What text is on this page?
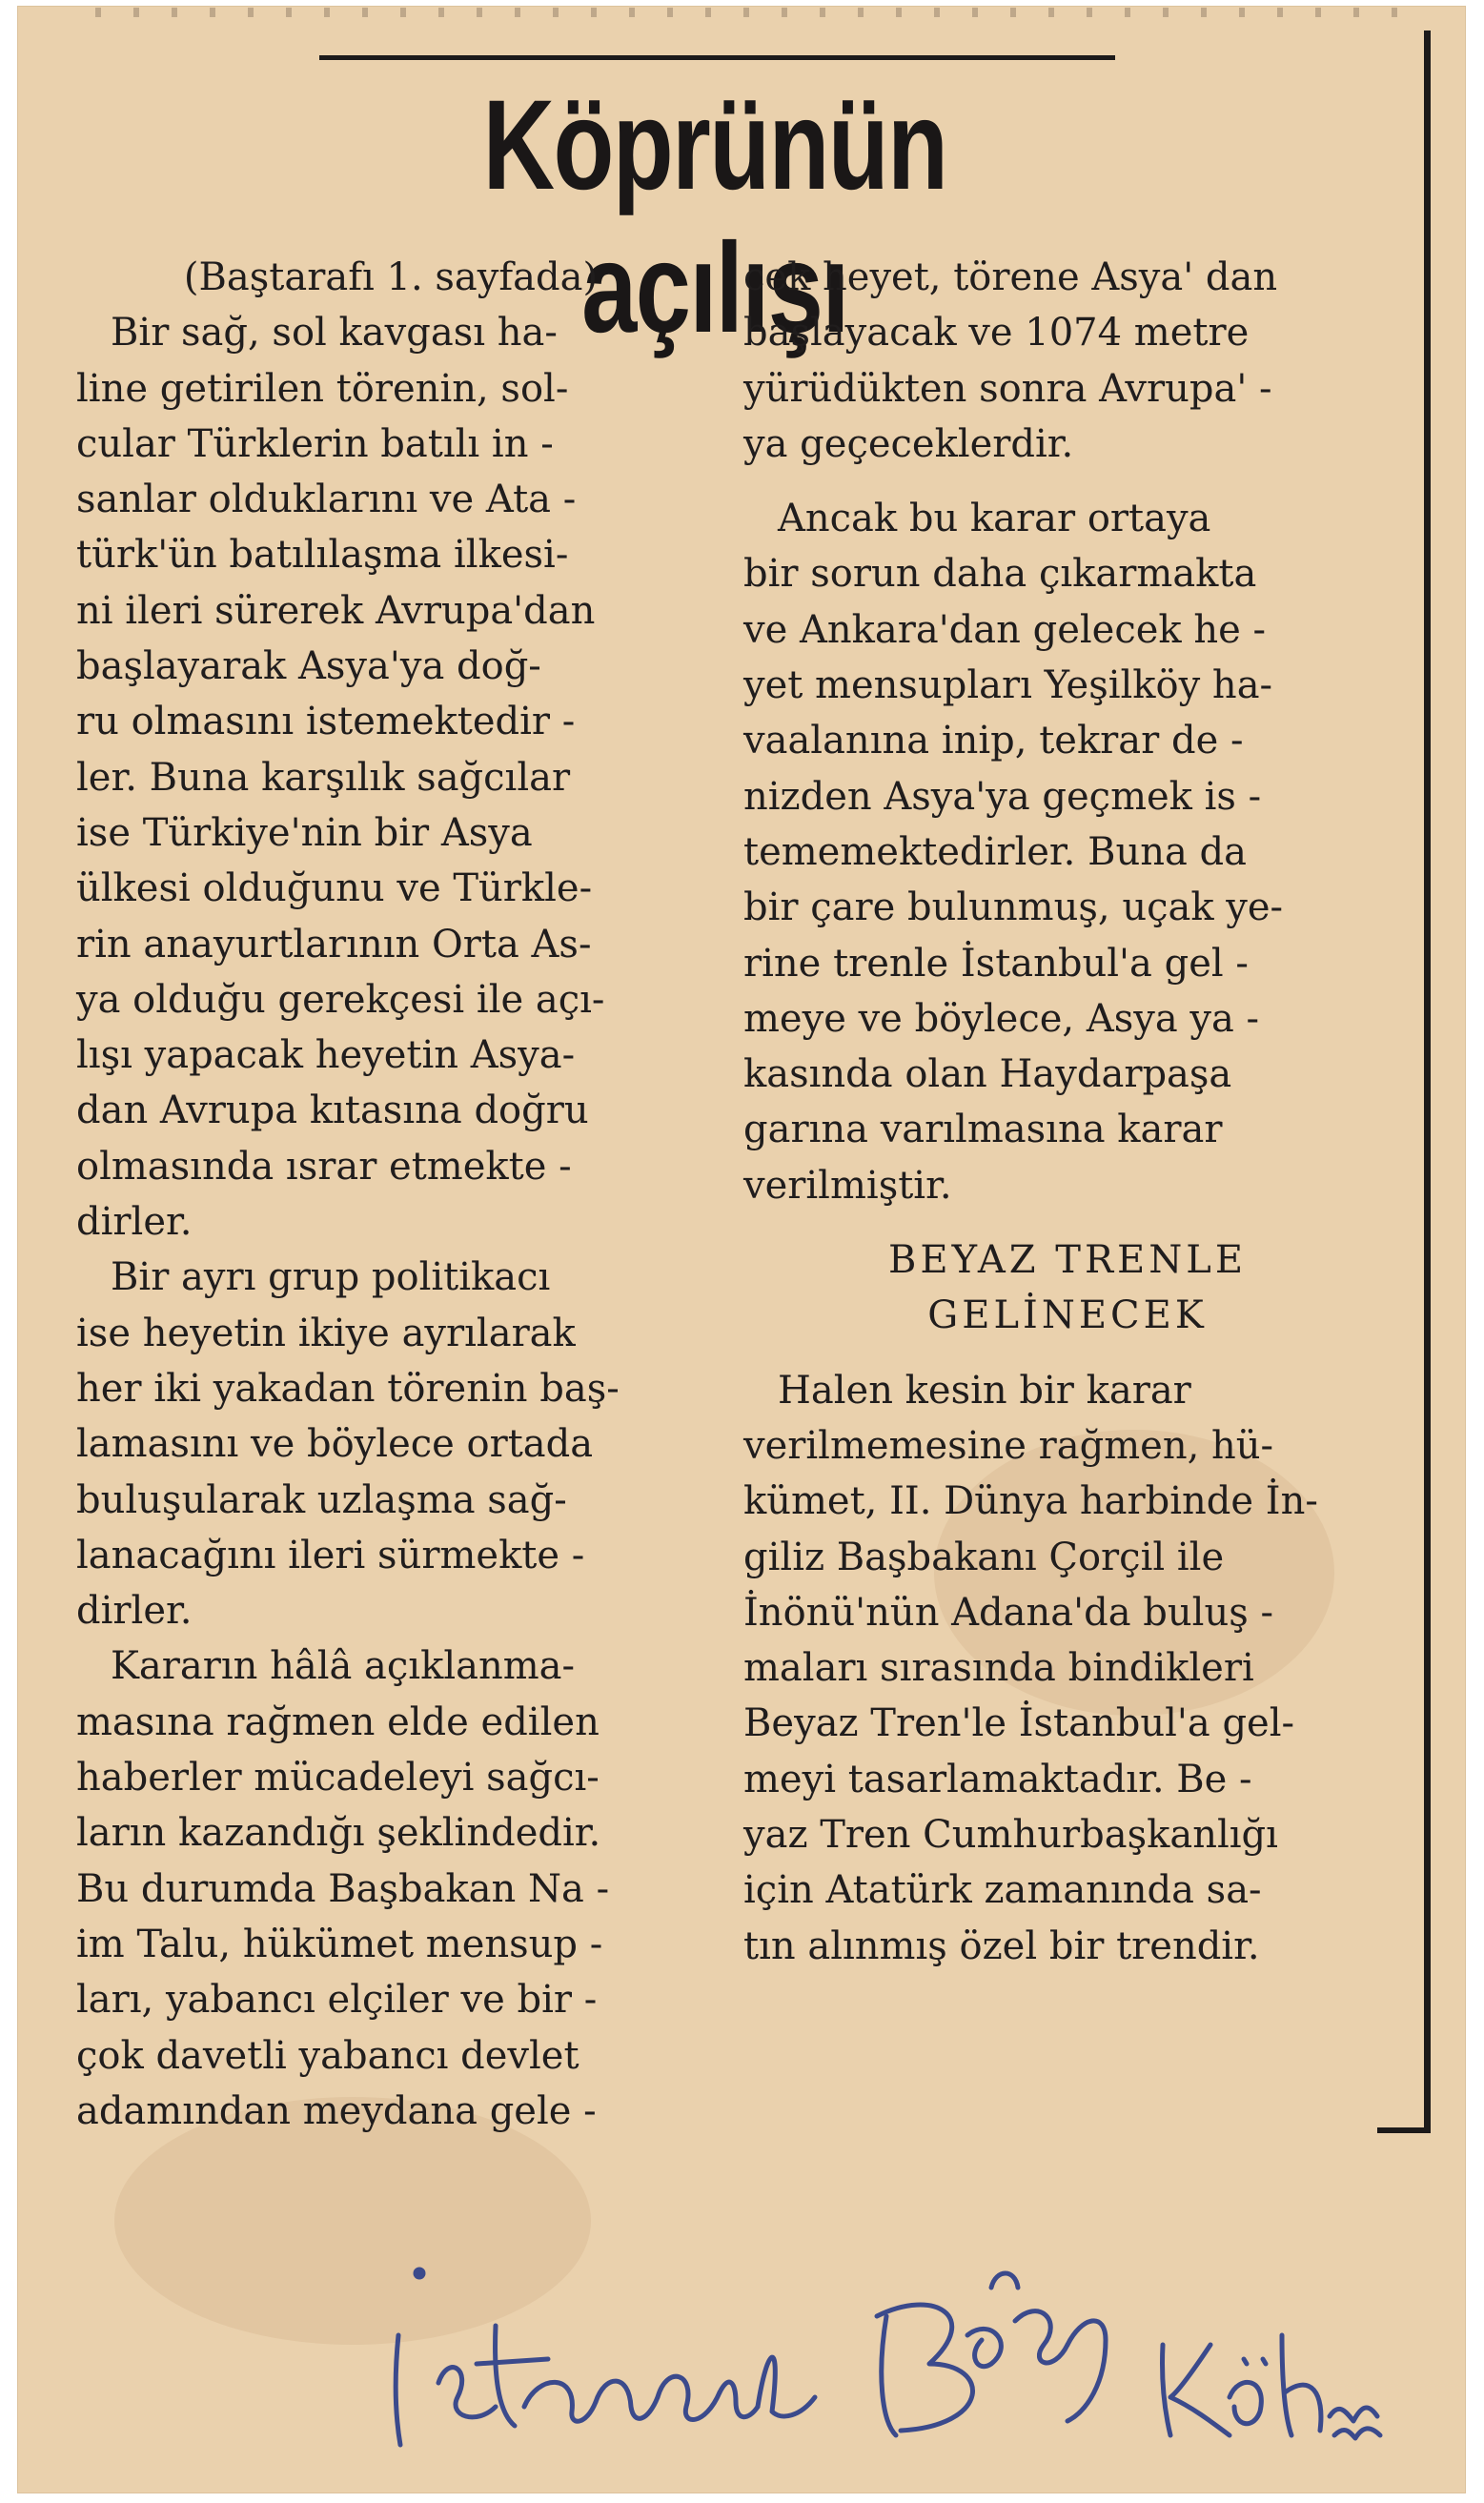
Köprünün açılışı

(Baştarafı 1. sayfada)

Bir sağ, sol kavgası ha-

line getirilen törenin, sol-

cular Türklerin batılı in -

sanlar olduklarını ve Ata -

türk'ün batılılaşma ilkesi-

ni ileri sürerek Avrupa'dan

başlayarak Asya'ya doğ-

ru olmasını istemektedir -

ler. Buna karşılık sağcılar

ise Türkiye'nin bir Asya

ülkesi olduğunu ve Türkle-

rin anayurtlarının Orta As-

ya olduğu gerekçesi ile açı-

lışı yapacak heyetin Asya-

dan Avrupa kıtasına doğru

olmasında ısrar etmekte -

dirler.

Bir ayrı grup politikacı

ise heyetin ikiye ayrılarak

her iki yakadan törenin baş-

lamasını ve böylece ortada

buluşularak uzlaşma sağ-

lanacağını ileri sürmekte -

dirler.

Kararın hâlâ açıklanma-

masına rağmen elde edilen

haberler mücadeleyi sağcı-

ların kazandığı şeklindedir.

Bu durumda Başbakan Na -

im Talu, hükümet mensup -

ları, yabancı elçiler ve bir -

çok davetli yabancı devlet

adamından meydana gele -

cek heyet, törene Asya' dan

başlayacak ve 1074 metre

yürüdükten sonra Avrupa' -

ya geçeceklerdir.

Ancak bu karar ortaya

bir sorun daha çıkarmakta

ve Ankara'dan gelecek he -

yet mensupları Yeşilköy ha-

vaalanına inip, tekrar de -

nizden Asya'ya geçmek is -

tememektedirler. Buna da

bir çare bulunmuş, uçak ye-

rine trenle İstanbul'a gel -

meye ve böylece, Asya ya -

kasında olan Haydarpaşa

garına varılmasına karar

verilmiştir.

BEYAZ TRENLE

GELİNECEK

Halen kesin bir karar

verilmemesine rağmen, hü-

kümet, II. Dünya harbinde İn-

giliz Başbakanı Çorçil ile

İnönü'nün Adana'da buluş -

maları sırasında bindikleri

Beyaz Tren'le İstanbul'a gel-

meyi tasarlamaktadır. Be -

yaz Tren Cumhurbaşkanlığı

için Atatürk zamanında sa-

tın alınmış özel bir trendir.
